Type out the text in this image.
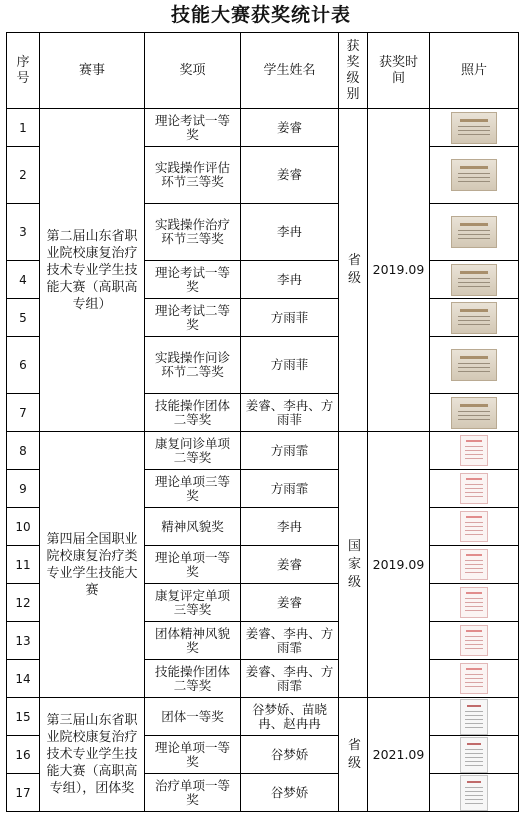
技能大赛获奖统计表
序号	赛事	奖项	学生姓名	获奖级别	获奖时间	照片
1	第二届山东省职业院校康复治疗技术专业学生技能大赛（高职高专组）	理论考试一等奖	姜睿	省级	2019.09	

2		实践操作评估环节三等奖	姜睿			

3		实践操作治疗环节三等奖	李冉			

4		理论考试一等奖	李冉			

5		理论考试二等奖	方雨菲			

6		实践操作问诊环节二等奖	方雨菲			

7		技能操作团体二等奖	姜睿、李冉、方雨菲			

8	第四届全国职业院校康复治疗类专业学生技能大赛	康复问诊单项二等奖	方雨霏	国家级	2019.09	

9		理论单项三等奖	方雨霏			

10		精神风貌奖	李冉			

11		理论单项一等奖	姜睿			

12		康复评定单项三等奖	姜睿			

13		团体精神风貌奖	姜睿、李冉、方雨霏			

14		技能操作团体二等奖	姜睿、李冉、方雨霏			

15	第三届山东省职业院校康复治疗技术专业学生技能大赛（高职高专组），团体奖	团体一等奖	谷梦娇、苗晓冉、赵冉冉	省级	2021.09	

16		理论单项一等奖	谷梦娇			

17		治疗单项一等奖	谷梦娇			
